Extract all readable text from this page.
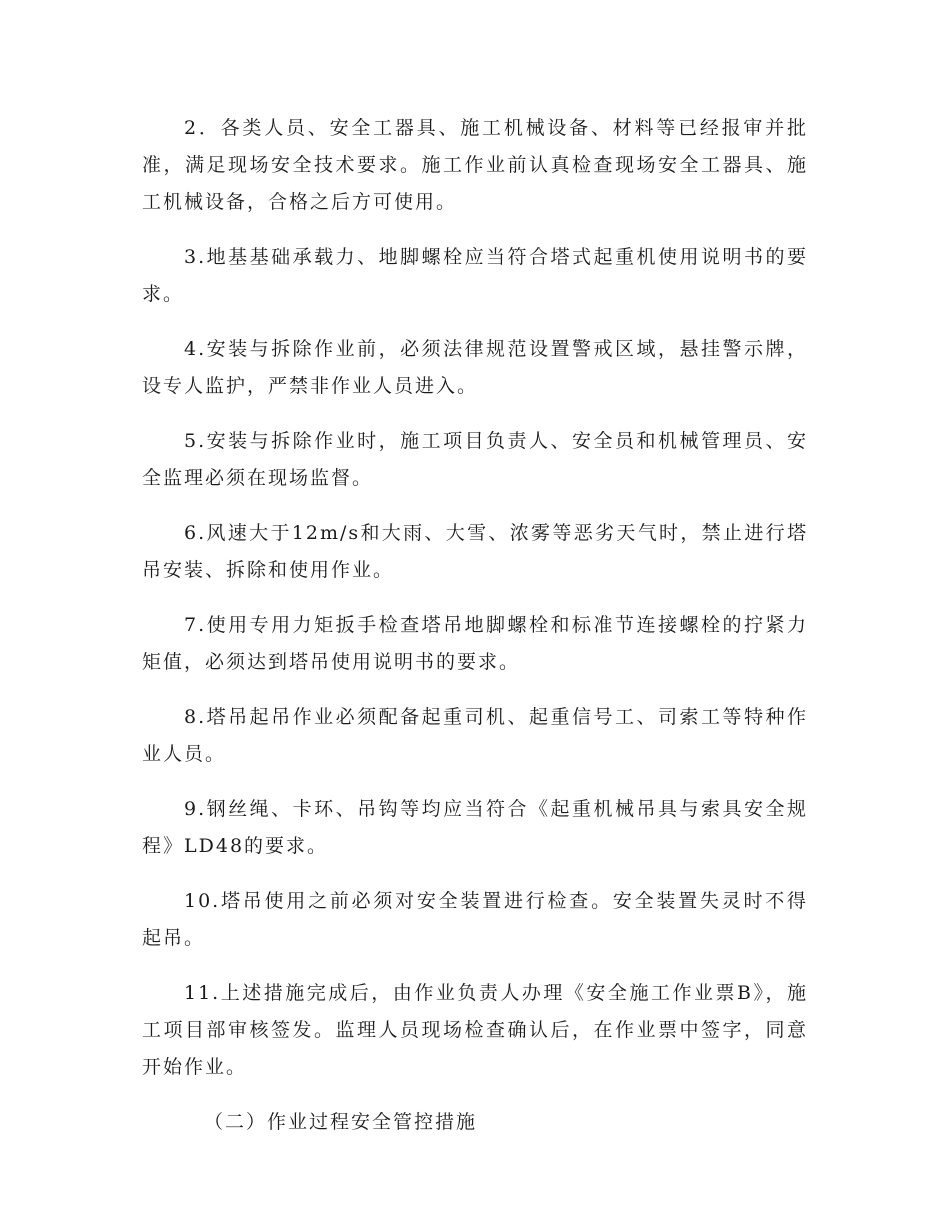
2．各类人员、安全工器具、施工机械设备、材料等已经报审并批准，满足现场安全技术要求。施工作业前认真检查现场安全工器具、施工机械设备，合格之后方可使用。

3.地基基础承载力、地脚螺栓应当符合塔式起重机使用说明书的要求。

4.安装与拆除作业前，必须法律规范设置警戒区域，悬挂警示牌，设专人监护，严禁非作业人员进入。

5.安装与拆除作业时，施工项目负责人、安全员和机械管理员、安全监理必须在现场监督。

6.风速大于12m/s和大雨、大雪、浓雾等恶劣天气时，禁止进行塔吊安装、拆除和使用作业。

7.使用专用力矩扳手检查塔吊地脚螺栓和标准节连接螺栓的拧紧力矩值，必须达到塔吊使用说明书的要求。

8.塔吊起吊作业必须配备起重司机、起重信号工、司索工等特种作业人员。

9.钢丝绳、卡环、吊钩等均应当符合《起重机械吊具与索具安全规程》LD48的要求。

10.塔吊使用之前必须对安全装置进行检查。安全装置失灵时不得起吊。

11.上述措施完成后，由作业负责人办理《安全施工作业票B》，施工项目部审核签发。监理人员现场检查确认后，在作业票中签字，同意开始作业。

（二）作业过程安全管控措施
